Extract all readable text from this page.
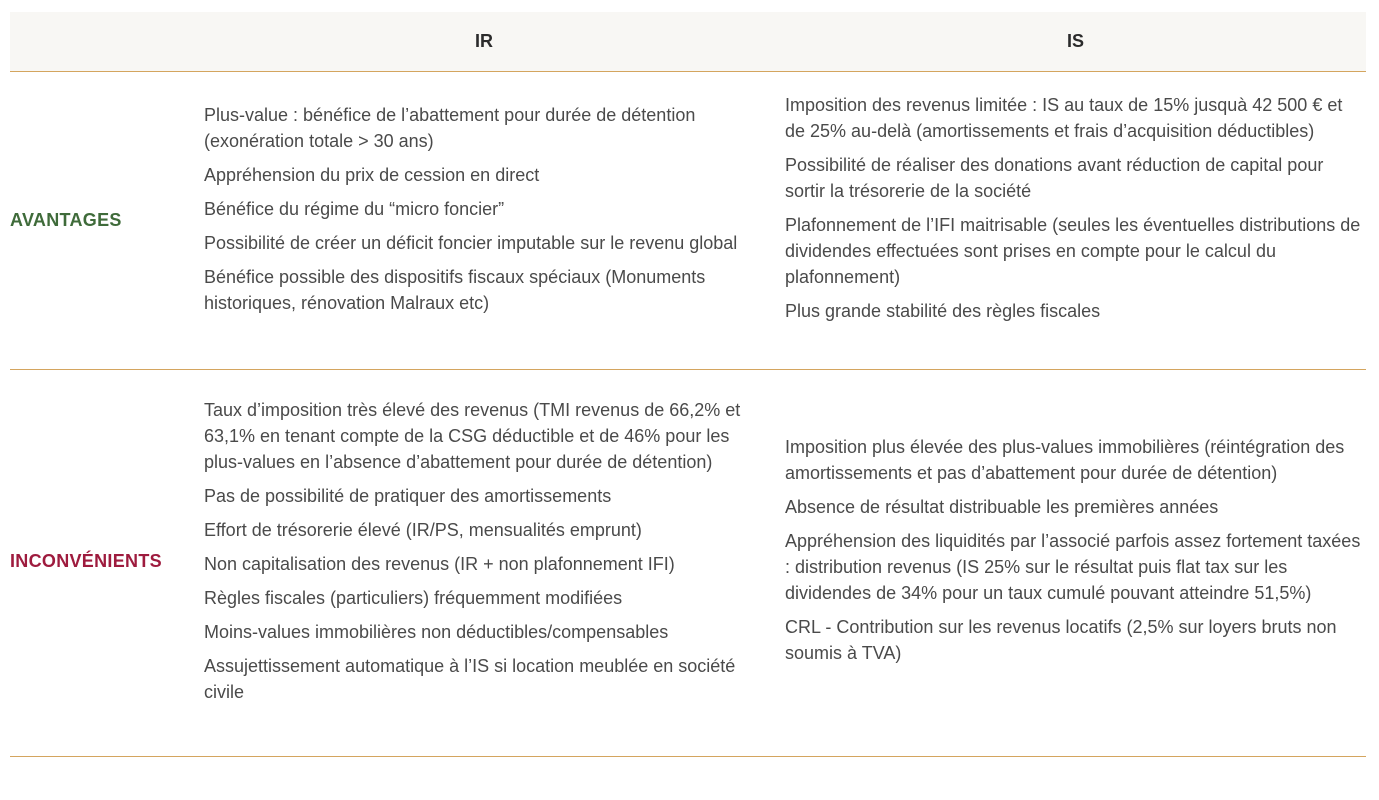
IR	IS
AVANTAGES
Plus-value : bénéfice de l’abattement pour durée de détention (exonération totale > 30 ans)
Appréhension du prix de cession en direct
Bénéfice du régime du “micro foncier”
Possibilité de créer un déficit foncier imputable sur le revenu global
Bénéfice possible des dispositifs fiscaux spéciaux (Monuments historiques, rénovation Malraux etc)
Imposition des revenus limitée : IS au taux de 15% jusquà 42 500 € et de 25% au-delà (amortissements et frais d’acquisition déductibles)
Possibilité de réaliser des donations avant réduction de capital pour sortir la trésorerie de la société
Plafonnement de l’IFI maitrisable (seules les éventuelles distributions de dividendes effectuées sont prises en compte pour le calcul du plafonnement)
Plus grande stabilité des règles fiscales
INCONVÉNIENTS
Taux d’imposition très élevé des revenus (TMI revenus de 66,2% et 63,1% en tenant compte de la CSG déductible et de 46% pour les plus-values en l’absence d’abattement pour durée de détention)
Pas de possibilité de pratiquer des amortissements
Effort de trésorerie élevé (IR/PS, mensualités emprunt)
Non capitalisation des revenus (IR + non plafonnement IFI)
Règles fiscales (particuliers) fréquemment modifiées
Moins-values immobilières non déductibles/compensables
Assujettissement automatique à l’IS si location meublée en société civile
Imposition plus élevée des plus-values immobilières (réintégration des amortissements et pas d’abattement pour durée de détention)
Absence de résultat distribuable les premières années
Appréhension des liquidités par l’associé parfois assez fortement taxées : distribution revenus (IS 25% sur le résultat puis flat tax sur les dividendes de 34% pour un taux cumulé pouvant atteindre 51,5%)
CRL - Contribution sur les revenus locatifs (2,5% sur loyers bruts non soumis à TVA)
